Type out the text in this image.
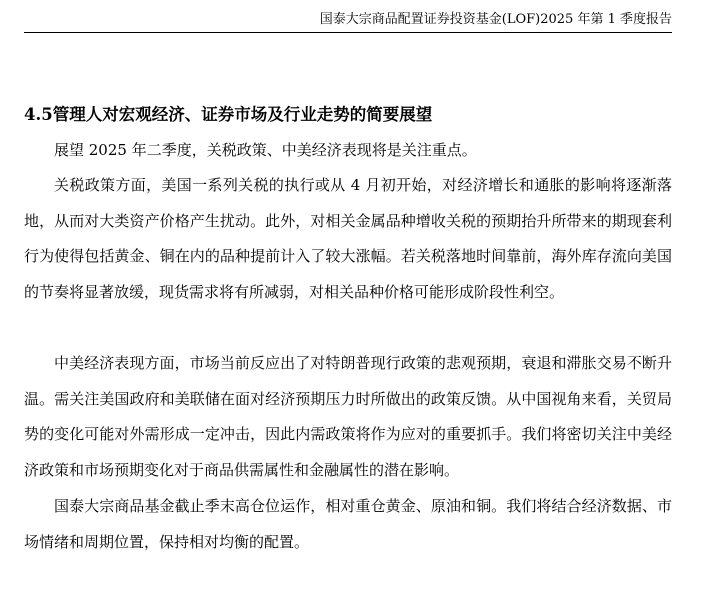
国泰大宗商品配置证券投资基金(LOF)2025 年第 1 季度报告
4.5管理人对宏观经济、证券市场及行业走势的简要展望

展望 2025 年二季度，关税政策、中美经济表现将是关注重点。

关税政策方面，美国一系列关税的执行或从 4 月初开始，对经济增长和通胀的影响将逐渐落地，从而对大类资产价格产生扰动。此外，对相关金属品种增收关税的预期抬升所带来的期现套利行为使得包括黄金、铜在内的品种提前计入了较大涨幅。若关税落地时间靠前，海外库存流向美国的节奏将显著放缓，现货需求将有所减弱，对相关品种价格可能形成阶段性利空。

中美经济表现方面，市场当前反应出了对特朗普现行政策的悲观预期，衰退和滞胀交易不断升温。需关注美国政府和美联储在面对经济预期压力时所做出的政策反馈。从中国视角来看，关贸局势的变化可能对外需形成一定冲击，因此内需政策将作为应对的重要抓手。我们将密切关注中美经济政策和市场预期变化对于商品供需属性和金融属性的潜在影响。

国泰大宗商品基金截止季末高仓位运作，相对重仓黄金、原油和铜。我们将结合经济数据、市场情绪和周期位置，保持相对均衡的配置。
